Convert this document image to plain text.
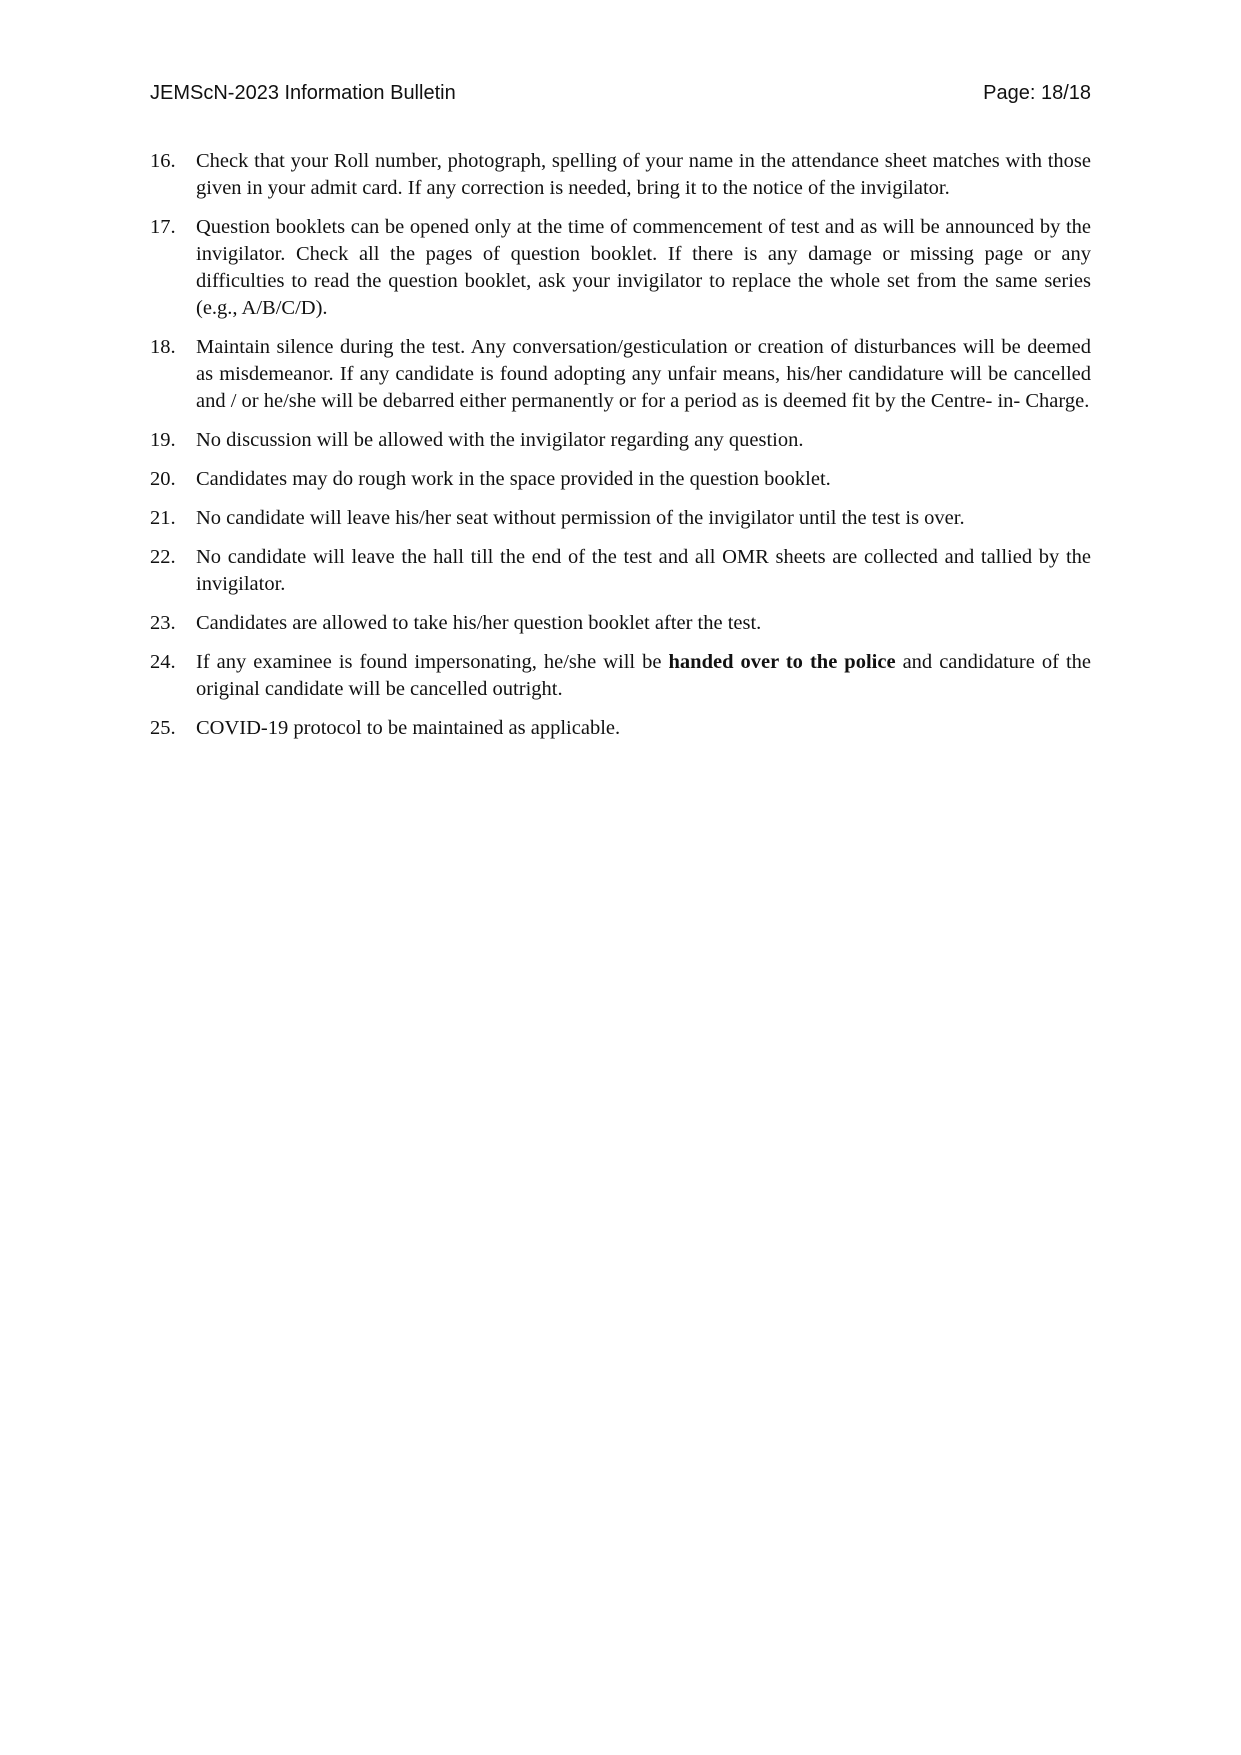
JEMScN-2023 Information Bulletin	Page: 18/18
16. Check that your Roll number, photograph, spelling of your name in the attendance sheet matches with those given in your admit card. If any correction is needed, bring it to the notice of the invigilator.
17. Question booklets can be opened only at the time of commencement of test and as will be announced by the invigilator. Check all the pages of question booklet. If there is any damage or missing page or any difficulties to read the question booklet, ask your invigilator to replace the whole set from the same series (e.g., A/B/C/D).
18. Maintain silence during the test. Any conversation/gesticulation or creation of disturbances will be deemed as misdemeanor. If any candidate is found adopting any unfair means, his/her candidature will be cancelled and / or he/she will be debarred either permanently or for a period as is deemed fit by the Centre- in- Charge.
19. No discussion will be allowed with the invigilator regarding any question.
20. Candidates may do rough work in the space provided in the question booklet.
21. No candidate will leave his/her seat without permission of the invigilator until the test is over.
22. No candidate will leave the hall till the end of the test and all OMR sheets are collected and tallied by the invigilator.
23. Candidates are allowed to take his/her question booklet after the test.
24. If any examinee is found impersonating, he/she will be handed over to the police and candidature of the original candidate will be cancelled outright.
25. COVID-19 protocol to be maintained as applicable.
